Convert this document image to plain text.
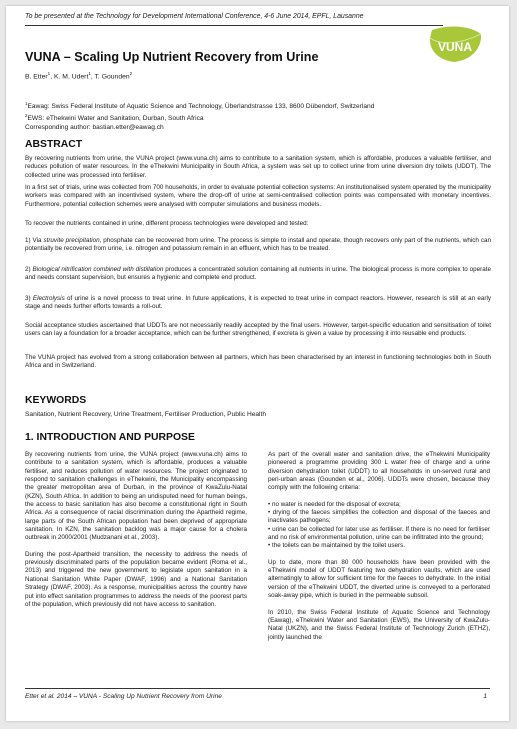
To be presented at the Technology for Development International Conference, 4-6 June 2014, EPFL, Lausanne
VUNA
VUNA – Scaling Up Nutrient Recovery from Urine
B. Etter$^1$, K. M. Udert$^1$, T. Gounden$^2$
$^1$Eawag: Swiss Federal Institute of Aquatic Science and Technology, Überlandstrasse 133, 8600 Dübendorf, Switzerland
$^2$EWS: eThekwini Water and Sanitation, Durban, South Africa
Corresponding author: bastian.etter@eawag.ch
ABSTRACT
By recovering nutrients from urine, the VUNA project (www.vuna.ch) aims to contribute to a sanitation system, which is affordable, produces a valuable fertiliser, and reduces pollution of water resources. In the eThekwini Municipality in South Africa, a system was set up to collect urine from urine diversion dry toilets (UDDT). The collected urine was processed into fertiliser.
In a first set of trials, urine was collected from 700 households, in order to evaluate potential collection systems: An institutionalised system operated by the municipality workers was compared with an incentivised system, where the drop-off of urine at semi-centralised collection points was compensated with monetary incentives. Furthermore, potential collection schemes were analysed with computer simulations and business models.
To recover the nutrients contained in urine, different process technologies were developed and tested:
1) Via struvite precipitation, phosphate can be recovered from urine. The process is simple to install and operate, though recovers only part of the nutrients, which can potentially be recovered from urine, i.e. nitrogen and potassium remain in an effluent, which has to be treated.
2) Biological nitrification combined with distillation produces a concentrated solution containing all nutrients in urine. The biological process is more complex to operate and needs constant supervision, but ensures a hygienic and complete end product.
3) Electrolysis of urine is a novel process to treat urine. In future applications, it is expected to treat urine in compact reactors. However, research is still at an early stage and needs further efforts towards a roll-out.
Social acceptance studies ascertained that UDDTs are not necessarily readily accepted by the final users. However, target-specific education and sensitisation of toilet users can lay a foundation for a broader acceptance, which can be further strengthened, if excreta is given a value by processing it into reusable end products.
The VUNA project has evolved from a strong collaboration between all partners, which has been characterised by an interest in functioning technologies both in South Africa and in Switzerland.
KEYWORDS
Sanitation, Nutrient Recovery, Urine Treatment, Fertiliser Production, Public Health
1. INTRODUCTION AND PURPOSE

By recovering nutrients from urine, the VUNA project (www.vuna.ch) aims to contribute to a sanitation system, which is affordable, produces a valuable fertiliser, and reduces pollution of water resources. The project originated to respond to sanitation challenges in eThekwini, the Municipality encompassing the greater metropolitan area of Durban, in the province of KwaZulu-Natal (KZN), South Africa. In addition to being an undisputed need for human beings, the access to basic sanitation has also become a constitutional right in South Africa. As a consequence of racial discrimination during the Apartheid regime, large parts of the South African population had been deprived of appropriate sanitation. In KZN, the sanitation backlog was a major cause for a cholera outbreak in 2000/2001 (Mudzanani et al., 2003).

During the post-Apartheid transition, the necessity to address the needs of previously discriminated parts of the population became evident (Roma et al., 2013) and triggered the new government to legislate upon sanitation in a National Sanitation White Paper (DWAF, 1996) and a National Sanitation Strategy (DWAF, 2003). As a response, municipalities across the country have put into effect sanitation programmes to address the needs of the poorest parts of the population, which previously did not have access to sanitation.

As part of the overall water and sanitation drive, the eThekwini Municipality pioneered a programme providing 300 L water free of charge and a urine diversion dehydration toilet (UDDT) to all households in un-served rural and peri-urban areas (Gounden et al., 2006). UDDTs were chosen, because they comply with the following criteria:

• no water is needed for the disposal of excreta;
• drying of the faeces simplifies the collection and disposal of the faeces and inactivates pathogens;
• urine can be collected for later use as fertiliser. If there is no need for fertiliser and no risk of environmental pollution, urine can be infiltrated into the ground;
• the toilets can be maintained by the toilet users.

Up to date, more than 80 000 households have been provided with the eThekwini model of UDDT featuring two dehydration vaults, which are used alternatingly to allow for sufficient time for the faeces to dehydrate. In the initial version of the eThekwini UDDT, the diverted urine is conveyed to a perforated soak-away pipe, which is buried in the permeable subsoil.

In 2010, the Swiss Federal Institute of Aquatic Science and Technology (Eawag), eThekwini Water and Sanitation (EWS), the University of KwaZulu-Natal (UKZN), and the Swiss Federal Institute of Technology Zurich (ETHZ), jointly launched the

Etter et al. 2014 – VUNA - Scaling Up Nutrient Recovery from Urine	1
